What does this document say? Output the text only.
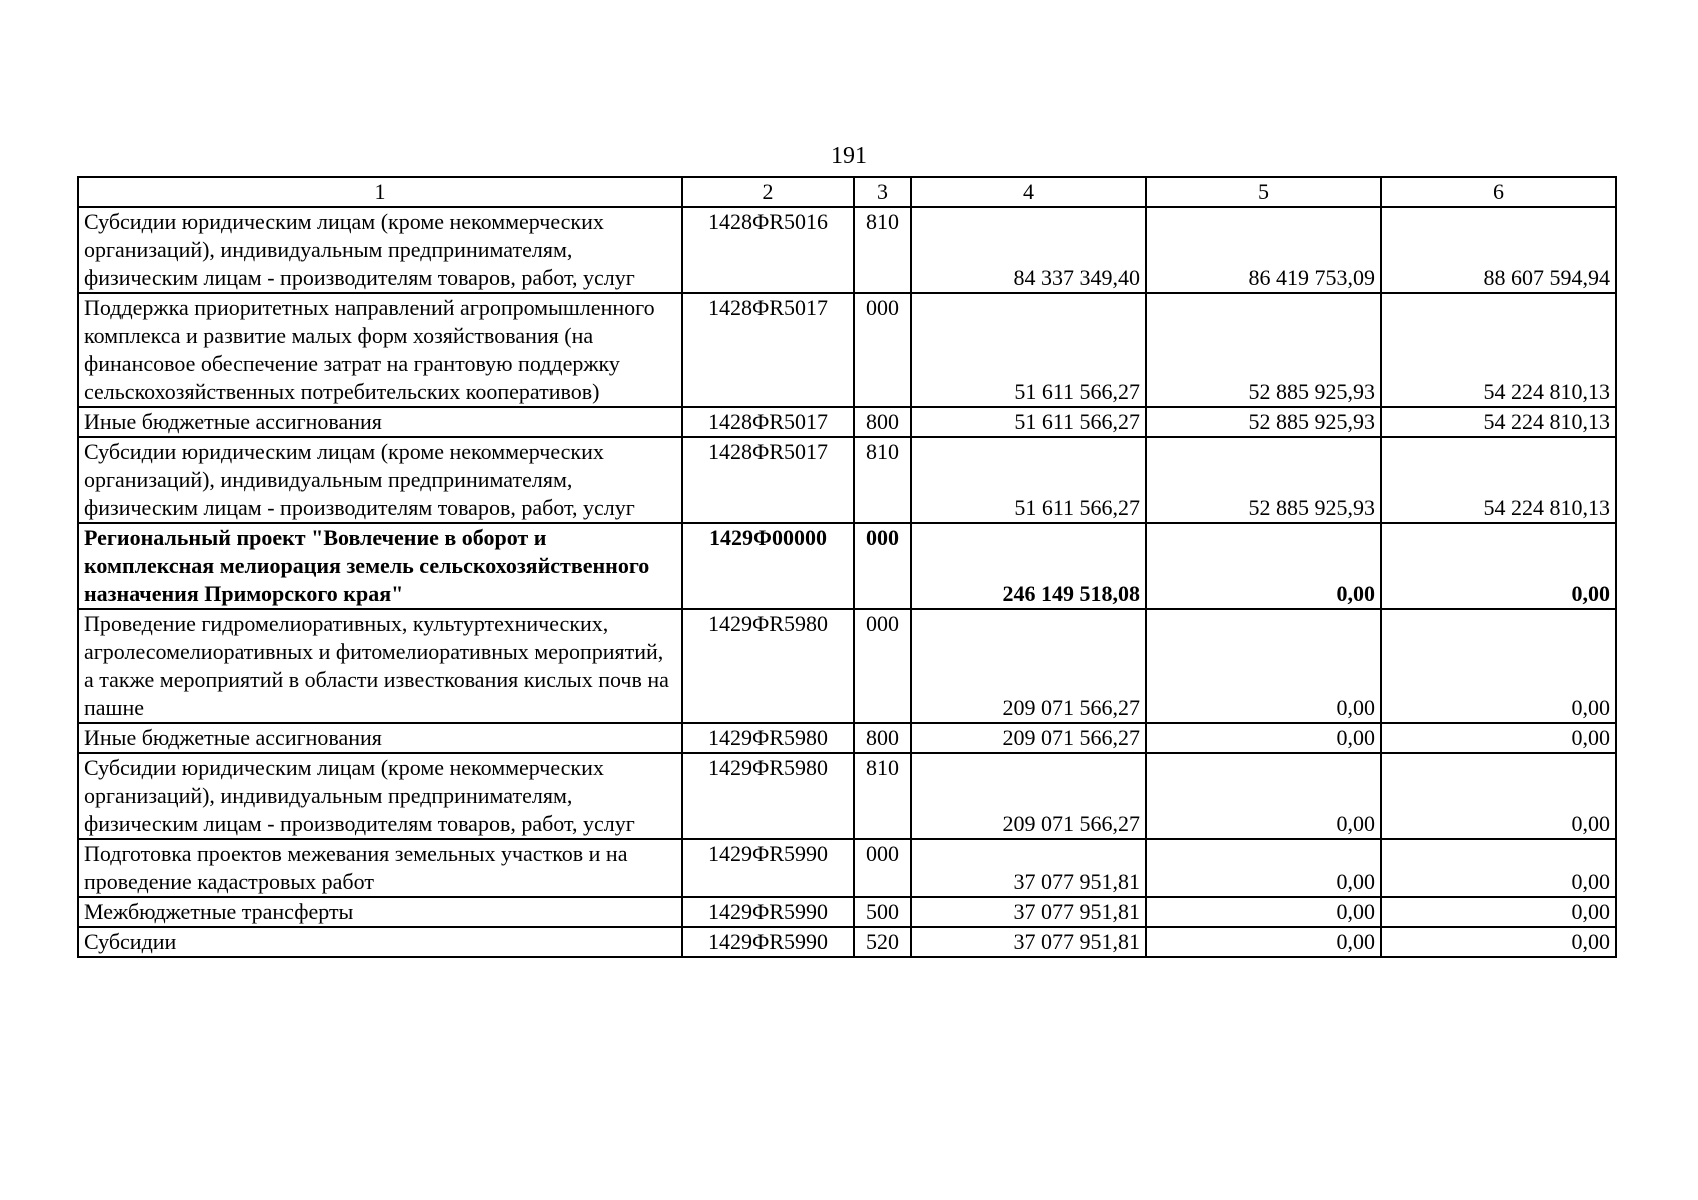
191
1	2	3	4	5	6
Субсидии юридическим лицам (кроме некоммерческих организаций), индивидуальным предпринимателям, физическим лицам - производителям товаров, работ, услуг	1428ФR5016	810	84 337 349,40	86 419 753,09	88 607 594,94
Поддержка приоритетных направлений агропромышленного комплекса и развитие малых форм хозяйствования (на финансовое обеспечение затрат на грантовую поддержку сельскохозяйственных потребительских кооперативов)	1428ФR5017	000	51 611 566,27	52 885 925,93	54 224 810,13
Иные бюджетные ассигнования	1428ФR5017	800	51 611 566,27	52 885 925,93	54 224 810,13
Субсидии юридическим лицам (кроме некоммерческих организаций), индивидуальным предпринимателям, физическим лицам - производителям товаров, работ, услуг	1428ФR5017	810	51 611 566,27	52 885 925,93	54 224 810,13
Региональный проект "Вовлечение в оборот и комплексная мелиорация земель сельскохозяйственного назначения Приморского края"	1429Ф00000	000	246 149 518,08	0,00	0,00
Проведение гидромелиоративных, культуртехнических, агролесомелиоративных и фитомелиоративных мероприятий, а также мероприятий в области известкования кислых почв на пашне	1429ФR5980	000	209 071 566,27	0,00	0,00
Иные бюджетные ассигнования	1429ФR5980	800	209 071 566,27	0,00	0,00
Субсидии юридическим лицам (кроме некоммерческих организаций), индивидуальным предпринимателям, физическим лицам - производителям товаров, работ, услуг	1429ФR5980	810	209 071 566,27	0,00	0,00
Подготовка проектов межевания земельных участков и на проведение кадастровых работ	1429ФR5990	000	37 077 951,81	0,00	0,00
Межбюджетные трансферты	1429ФR5990	500	37 077 951,81	0,00	0,00
Субсидии	1429ФR5990	520	37 077 951,81	0,00	0,00
